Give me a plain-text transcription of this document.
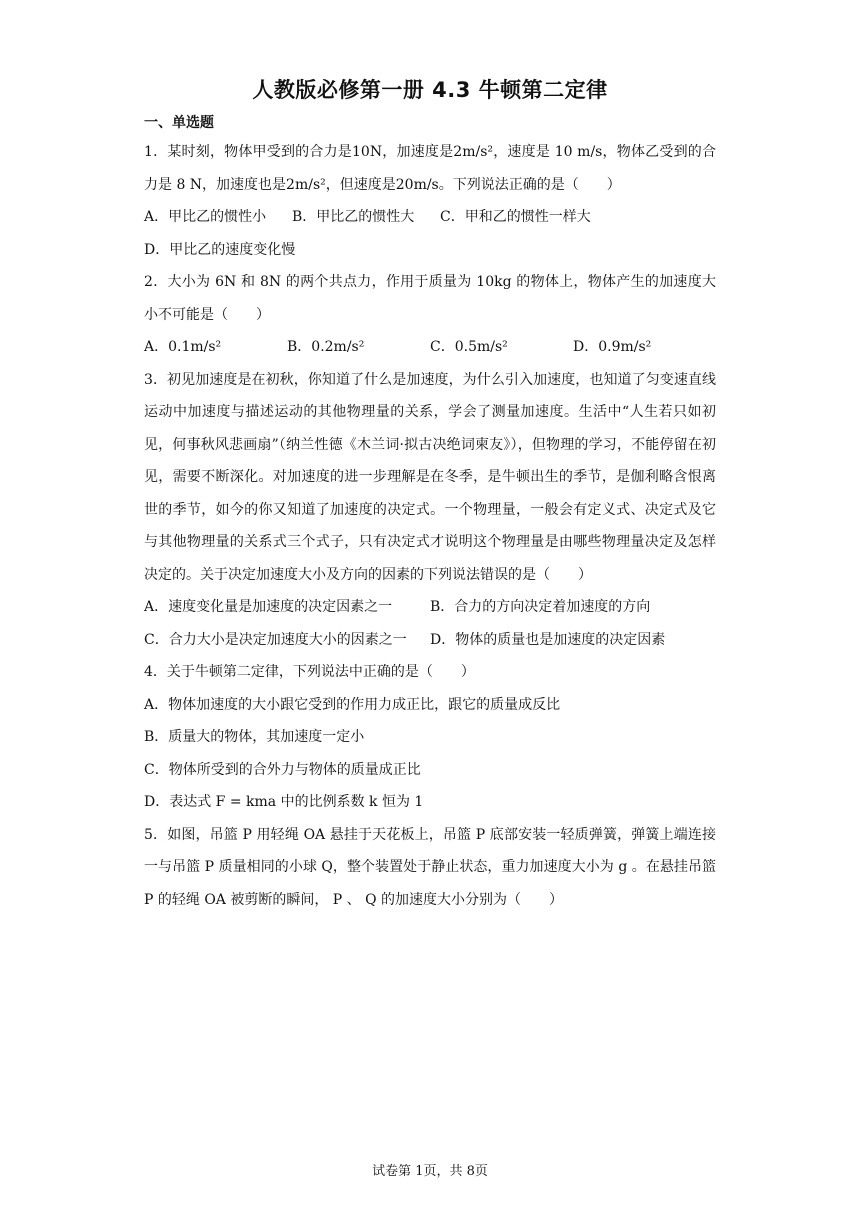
人教版必修第一册 4.3 牛顿第二定律
一、单选题

1．某时刻，物体甲受到的合力是10N，加速度是2m/s²，速度是 10 m/s，物体乙受到的合力是 8 N，加速度也是2m/s²，但速度是20m/s。下列说法正确的是（　　）

A．甲比乙的惯性小	B．甲比乙的惯性大	C．甲和乙的惯性一样大
D．甲比乙的速度变化慢

2．大小为 6N 和 8N 的两个共点力，作用于质量为 10kg 的物体上，物体产生的加速度大小不可能是（　　）

A．0.1m/s²	B．0.2m/s²	C．0.5m/s²	D．0.9m/s²

3．初见加速度是在初秋，你知道了什么是加速度，为什么引入加速度，也知道了匀变速直线运动中加速度与描述运动的其他物理量的关系，学会了测量加速度。生活中“人生若只如初见，何事秋风悲画扇”（纳兰性德《木兰词·拟古决绝词柬友》），但物理的学习，不能停留在初见，需要不断深化。对加速度的进一步理解是在冬季，是牛顿出生的季节，是伽利略含恨离世的季节，如今的你又知道了加速度的决定式。一个物理量，一般会有定义式、决定式及它与其他物理量的关系式三个式子，只有决定式才说明这个物理量是由哪些物理量决定及怎样决定的。关于决定加速度大小及方向的因素的下列说法错误的是（　　）

A．速度变化量是加速度的决定因素之一	B．合力的方向决定着加速度的方向
C．合力大小是决定加速度大小的因素之一	D．物体的质量也是加速度的决定因素

4．关于牛顿第二定律，下列说法中正确的是（　　）

A．物体加速度的大小跟它受到的作用力成正比，跟它的质量成反比
B．质量大的物体，其加速度一定小
C．物体所受到的合外力与物体的质量成正比
D．表达式 F = kma 中的比例系数 k 恒为 1

5．如图，吊篮 P 用轻绳 OA 悬挂于天花板上，吊篮 P 底部安装一轻质弹簧，弹簧上端连接一与吊篮 P 质量相同的小球 Q，整个装置处于静止状态，重力加速度大小为 g 。在悬挂吊篮 P 的轻绳 OA 被剪断的瞬间， P 、 Q 的加速度大小分别为（　　）

试卷第 1页，共 8页
